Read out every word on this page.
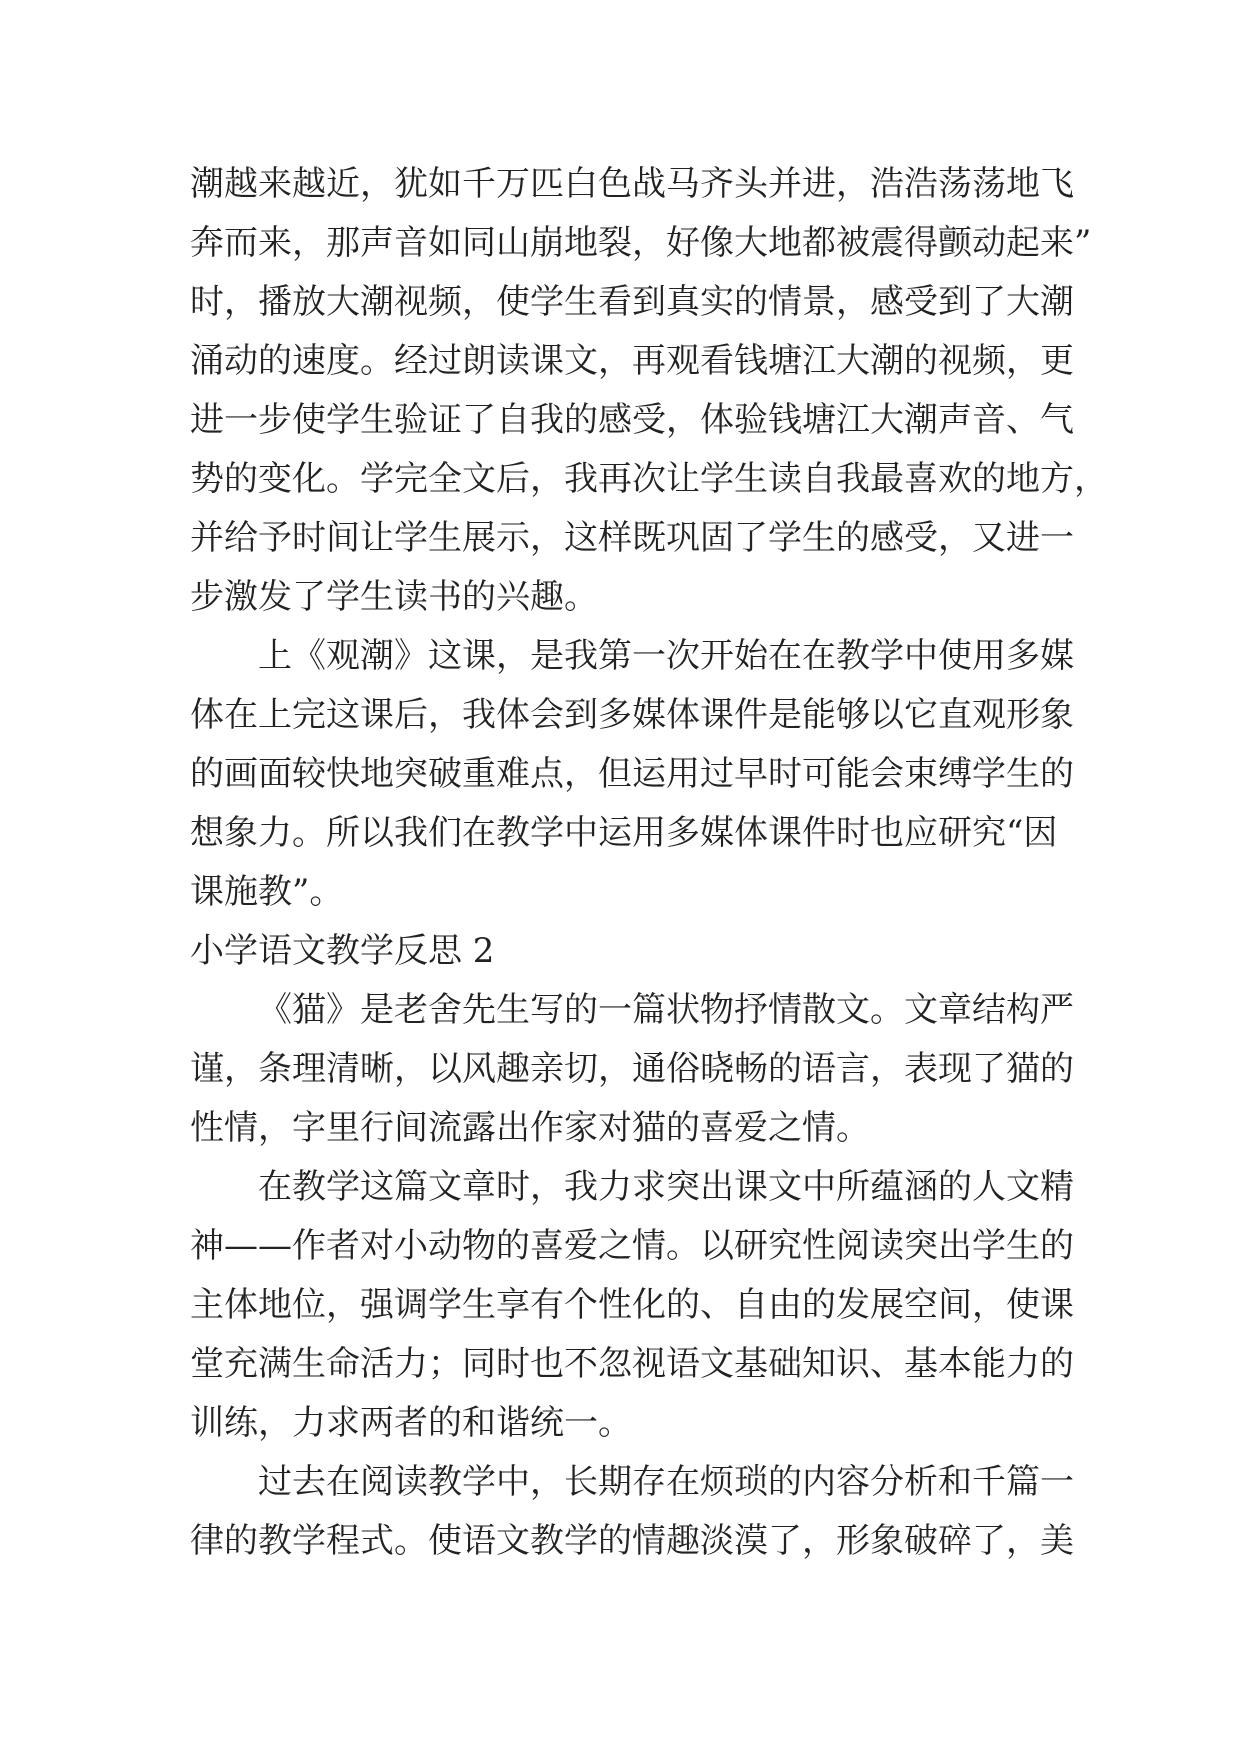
潮越来越近，犹如千万匹白色战马齐头并进，浩浩荡荡地飞
奔而来，那声音如同山崩地裂，好像大地都被震得颤动起来”
时，播放大潮视频，使学生看到真实的情景，感受到了大潮
涌动的速度。经过朗读课文，再观看钱塘江大潮的视频，更
进一步使学生验证了自我的感受，体验钱塘江大潮声音、气
势的变化。学完全文后，我再次让学生读自我最喜欢的地方，
并给予时间让学生展示，这样既巩固了学生的感受，又进一
步激发了学生读书的兴趣。
上《观潮》这课，是我第一次开始在在教学中使用多媒
体在上完这课后，我体会到多媒体课件是能够以它直观形象
的画面较快地突破重难点，但运用过早时可能会束缚学生的
想象力。所以我们在教学中运用多媒体课件时也应研究“因
课施教”。
小学语文教学反思 2
《猫》是老舍先生写的一篇状物抒情散文。文章结构严
谨，条理清晰，以风趣亲切，通俗晓畅的语言，表现了猫的
性情，字里行间流露出作家对猫的喜爱之情。
在教学这篇文章时，我力求突出课文中所蕴涵的人文精
神——作者对小动物的喜爱之情。以研究性阅读突出学生的
主体地位，强调学生享有个性化的、自由的发展空间，使课
堂充满生命活力；同时也不忽视语文基础知识、基本能力的
训练，力求两者的和谐统一。
过去在阅读教学中，长期存在烦琐的内容分析和千篇一
律的教学程式。使语文教学的情趣淡漠了，形象破碎了，美
